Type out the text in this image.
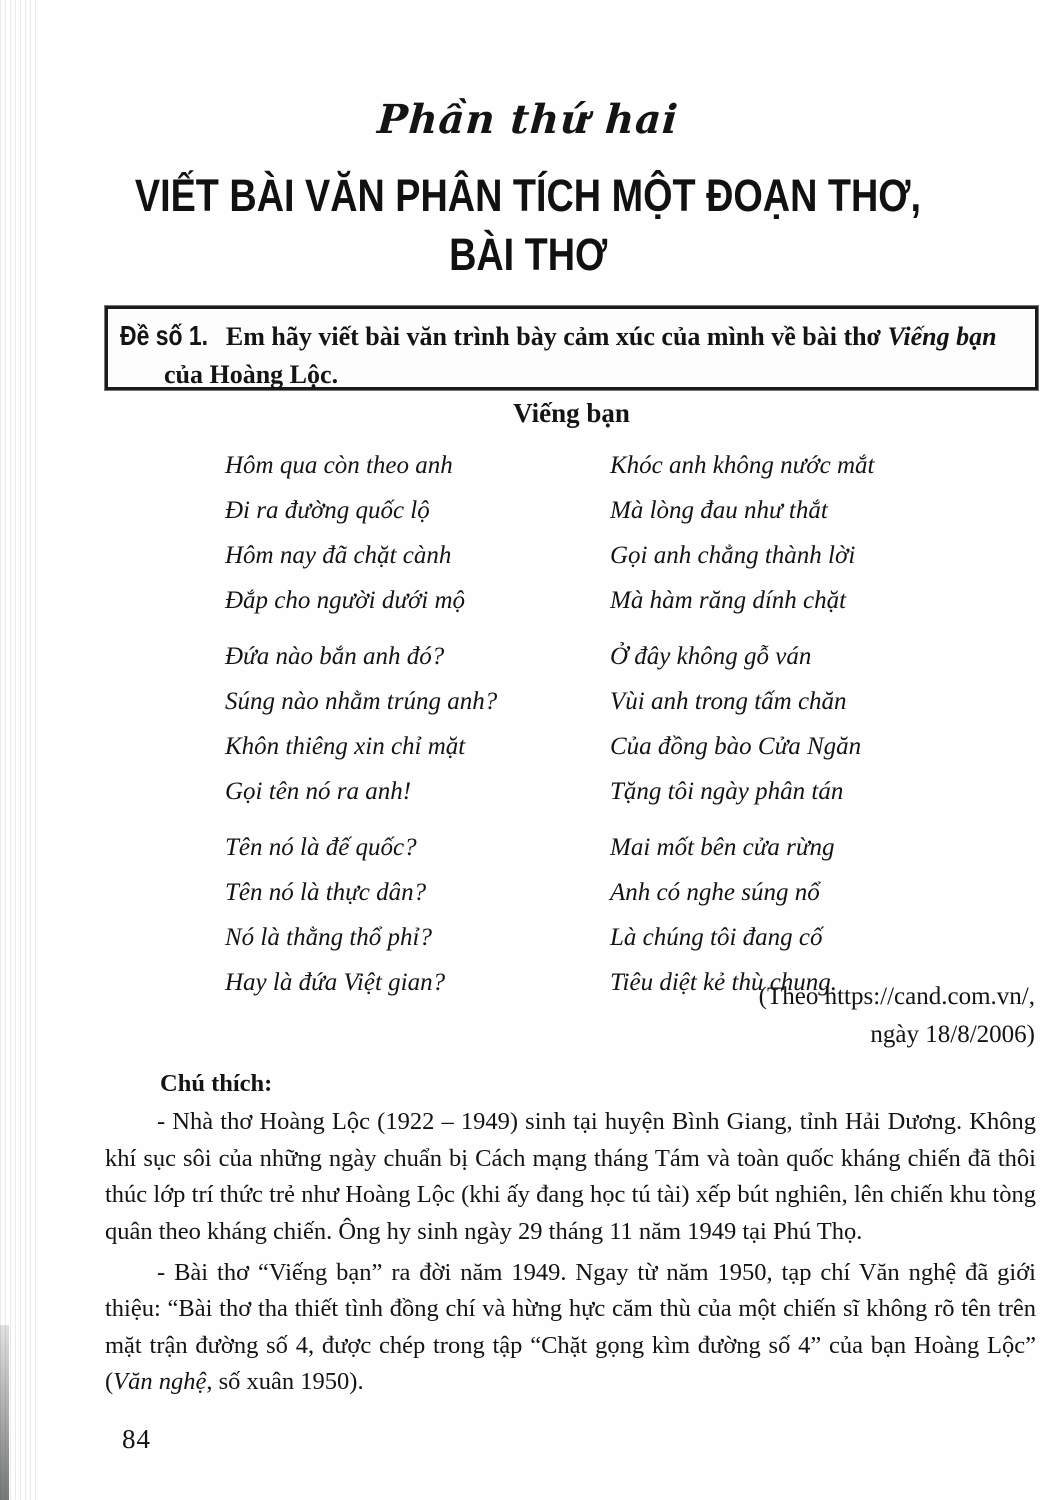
Phần thứ hai
VIẾT BÀI VĂN PHÂN TÍCH MỘT ĐOẠN THƠ,
BÀI THƠ
Đề số 1. Em hãy viết bài văn trình bày cảm xúc của mình về bài thơ Viếng bạn
của Hoàng Lộc.
Viếng bạn
Hôm qua còn theo anh
Đi ra đường quốc lộ
Hôm nay đã chặt cành
Đắp cho người dưới mộ
Đứa nào bắn anh đó?
Súng nào nhằm trúng anh?
Khôn thiêng xin chỉ mặt
Gọi tên nó ra anh!
Tên nó là đế quốc?
Tên nó là thực dân?
Nó là thằng thổ phỉ?
Hay là đứa Việt gian?
Khóc anh không nước mắt
Mà lòng đau như thắt
Gọi anh chẳng thành lời
Mà hàm răng dính chặt
Ở đây không gỗ ván
Vùi anh trong tấm chăn
Của đồng bào Cửa Ngăn
Tặng tôi ngày phân tán
Mai mốt bên cửa rừng
Anh có nghe súng nổ
Là chúng tôi đang cố
Tiêu diệt kẻ thù chung.
(Theo https://cand.com.vn/,
ngày 18/8/2006)
Chú thích:

- Nhà thơ Hoàng Lộc (1922 – 1949) sinh tại huyện Bình Giang, tỉnh Hải Dương. Không khí sục sôi của những ngày chuẩn bị Cách mạng tháng Tám và toàn quốc kháng chiến đã thôi thúc lớp trí thức trẻ như Hoàng Lộc (khi ấy đang học tú tài) xếp bút nghiên, lên chiến khu tòng quân theo kháng chiến. Ông hy sinh ngày 29 tháng 11 năm 1949 tại Phú Thọ.

- Bài thơ “Viếng bạn” ra đời năm 1949. Ngay từ năm 1950, tạp chí Văn nghệ đã giới thiệu: “Bài thơ tha thiết tình đồng chí và hừng hực căm thù của một chiến sĩ không rõ tên trên mặt trận đường số 4, được chép trong tập “Chặt gọng kìm đường số 4” của bạn Hoàng Lộc” (Văn nghệ, số xuân 1950).

84
